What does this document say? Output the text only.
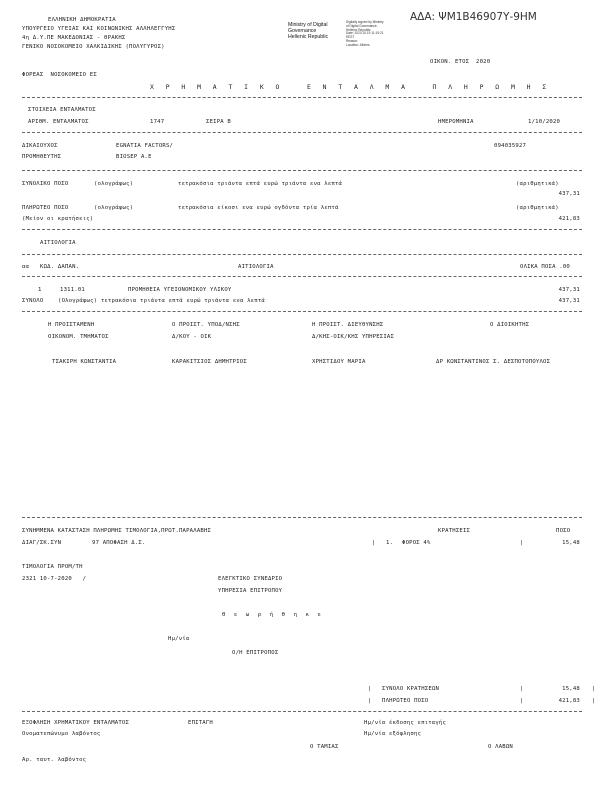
ΑΔΑ: ΨΜ1Β46907Υ-9ΗΜ
ΕΛΛΗΝΙΚΗ ΔΗΜΟΚΡΑΤΙΑ
ΥΠΟΥΡΓΕΙΟ ΥΓΕΙΑΣ ΚΑΙ ΚΟΙΝΩΝΙΚΗΣ ΑΛΛΗΛΕΓΓΥΗΣ
4η Δ.Υ.ΠΕ ΜΑΚΕΔΟΝΙΑΣ - ΘΡΑΚΗΣ
ΓΕΝΙΚΟ ΝΟΣΟΚΟΜΕΙΟ ΧΑΛΚΙΔΙΚΗΣ (ΠΟΛΥΓΥΡΟΣ)
Ministry of Digital
Governance
Hellenic Republic
Digitally signed by Ministry
of Digital Governance,
Hellenic Republic
Date: 2020.10.19 11:15:21
EEST
Reason:
Location: Athens
ΟΙΚΟΝ. ΕΤΟΣ 2020
ΦΟΡΕΑΣ  ΝΟΣΟΚΟΜΕΙΟ ΕΣ
Χ Ρ Η Μ Α Τ Ι Κ Ο   Ε Ν Τ Α Λ Μ Α   Π Λ Η Ρ Ω Μ Η Σ
ΣΤΟΙΧΕΙΑ ΕΝΤΑΛΜΑΤΟΣ
ΑΡΙΘΜ. ΕΝΤΑΛΜΑΤΟΣ	1747	ΣΕΙΡΑ Β	ΗΜΕΡΟΜΗΝΙΑ	1/10/2020
ΔΙΚΑΙΟΥΧΟΣ	EGNATIA FACTORS/	094035927
ΠΡΟΜΗΘΕΥΤΗΣ	BIOSEP A.E
ΣΥΝΟΛΙΚΟ ΠΟΣΟ	(ολογράφως)	τετρακόσια τριάντα επτά ευρώ τριάντα ενα λεπτά	(αριθμητικά)
437,31
ΠΛΗΡΩΤΕΟ ΠΟΣΟ	(ολογράφως)	τετρακόσια είκοσι ενα ευρώ ογδόντα τρία λεπτά	(αριθμητικά)
(Μείον οι κρατήσεις)	421,83
ΑΙΤΙΟΛΟΓΙΑ
αα ΚΩΔ. ΔΑΠΑΝ.	ΑΙΤΙΟΛΟΓΙΑ	ΟΛΙΚΑ ΠΟΣΑ .00
1	1311.01	ΠΡΟΜΗΘΕΙΑ ΥΓΕΙΟΝΟΜΙΚΟΥ ΥΛΙΚΟΥ	437,31
ΣΥΝΟΛΟ	(Ολογράφως) τετρακόσια τριάντα επτά ευρώ τριάντα ενα λεπτά	437,31
Η ΠΡΟΙΣΤΑΜΕΝΗ	Ο ΠΡΟΙΣΤ. ΥΠΟΔ/ΝΣΗΣ	Η ΠΡΟΙΣΤ. ΔΙΕΥΘΥΝΣΗΣ	Ο ΔΙΟΙΚΗΤΗΣ
ΟΙΚΟΝΟΜ. ΤΜΗΜΑΤΟΣ	Δ/ΚΟΥ - ΟΙΚ	Δ/ΚΗΣ-ΟΙΚ/ΚΗΣ ΥΠΗΡΕΣΙΑΣ
ΤΣΑΚΙΡΗ ΚΩΝΣΤΑΝΤΙΑ	ΚΑΡΑΚΙΤΣΙΟΣ ΔΗΜΗΤΡΙΟΣ	ΧΡΗΣΤΙΔΟΥ ΜΑΡΙΑ	ΔΡ ΚΩΝΣΤΑΝΤΙΝΟΣ Σ. ΔΕΣΠΟΤΟΠΟΥΛΟΣ
ΣΥΝΗΜΜΕΝΑ ΚΑΤΑΣΤΑΣΗ ΠΛΗΡΩΜΗΣ ΤΙΜΟΛΟΓΙΑ,ΠΡΩΤ.ΠΑΡΑΛΑΒΗΣ	ΚΡΑΤΗΣΕΙΣ	ΠΟΣΟ
ΔΙΑΓ/ΣΚ.ΣΥΝ	97 ΑΠΟΦΑΣΗ Δ.Σ.	| 1. ΦΟΡΟΣ 4%	|	15,48
ΤΙΜΟΛΟΓΙΑ ΠΡΟΜ/ΤΗ
2321 10-7-2020   /	ΕΛΕΓΚΤΙΚΟ ΣΥΝΕΔΡΙΟ
ΥΠΗΡΕΣΙΑ ΕΠΙΤΡΟΠΟΥ
Θ ε ω ρ ή θ η κ ε
Ημ/νία
Ο/Η ΕΠΙΤΡΟΠΟΣ
| ΣΥΝΟΛΟ ΚΡΑΤΗΣΕΩΝ	|	15,48 |
| ΠΛΗΡΩΤΕΟ ΠΟΣΟ	|	421,83 |
ΕΞΟΦΛΗΣΗ ΧΡΗΜΑΤΙΚΟΥ ΕΝΤΑΛΜΑΤΟΣ	ΕΠΙΤΑΓΗ	Ημ/νία έκδοσης επιταγής
Ονοματεπώνυμο λαβόντος	Ημ/νία εξόφλησης
Ο ΤΑΜΙΑΣ	Ο ΛΑΒΩΝ
Αρ. ταυτ. λαβόντος
